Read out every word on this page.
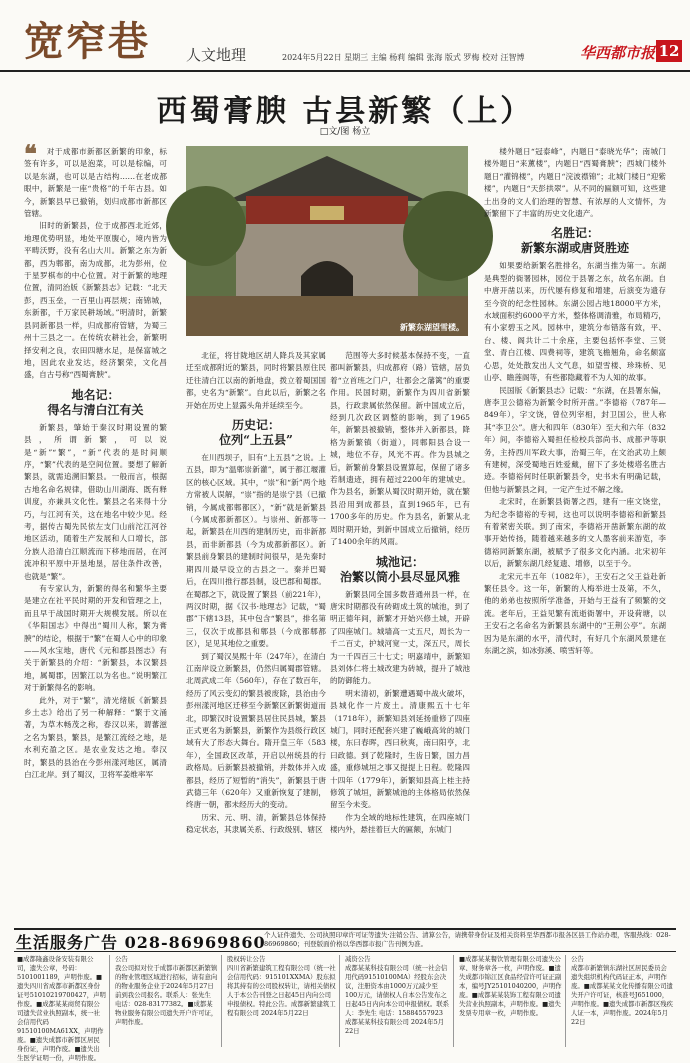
宽窄巷 人文地理	2024年5月22日 星期三 主编 杨莉 编辑 张海 版式 罗梅 校对 汪智博	华西都市报 12
西蜀膏腴 古县新繁（上）
□文/图 杨立
新繁东湖望雪楼。
❝	对于成都市新都区新繁的印象，标签有许多，可以是泡菜，可以是棕编，可以是东湖，也可以是古结构……在老成都眼中，新繁是一座“贵格”的千年古县。如今，新繁县早已撤销，划归成都市新都区管辖。

旧时的新繁县，位于成都西北近郊，地理优势明显，地处平原腹心，境内皆为平畴沃野，没有名山大川。新繁之东为新都，西为郫都，南为成都，北为彭州，位于星罗棋布的中心位置。对于新繁的地理位置，清同治版《新繁县志》记载：“北天彭，西玉垒，一百里山再层规；南锦城，东新都，千万家民耕场域。”明清时，新繁县同新都县一样，归成都府管辖，为蜀三州十三县之一。在传统农耕社会，新繁明择安利之良，农田四塘水足，是保富城之地，因此农业发达，经济繁荣，文化昌盛，自古号称“西蜀膏腴”。

地名记：
得名与清白江有关

新繁县，肇始于秦汉时期设置的繁县，所谓新繁，可以说是“新”“繁”，“新”代表的是时间顺序，“繁”代表的是空间位置。要想了解新繁县，就需追溯旧繁县。一般而言，根据古地名命名规律，借助山川湖海、既有释训度，亦兼具文化性。繁县之名来得十分巧，与江河有关，这在地名中较少见。经考，据传古蜀先民依左支门山前沱江河谷地区活动，随着生产发展和人口增长，部分族人沿清白江顺流而下移地而居，在河流冲积平原中开垦地垦，居住条件改善，也就是“繁”。

有专家认为，新繁的得名和繁华主要是建立在社平民时期的开发和管理之上，而且早于战国时期开大规模发展。所以在《华阳国志》中得出“蜀川人称，繁为膏腴”的结论，根据于“繁”在蜀人心中的印象——风水宝地，唐代《元和郡县图志》有关于新繁县的介绍：“新繁县，本汉繁县地，属蜀郡，因繁江以为名也。”说明繁江对于新繁得名的影响。

此外，对于“繁”，清光绪版《新繁县乡土志》给出了另一种解释：“繁于文涌著，为草木畅茂之称，春汉以来，谓蕃滋之名为繁县，繁县，是繁江流经之地，是水利充盈之区。是农业发达之地。奉汉时，繁县的县治在今彭州漾河地区，属清白江北岸。到了蜀汉，卫将军姜维率军

北征，将甘陇地区胡人降兵及其家属迁至成都附近的繁县，同时将繁县原住民迁往清白江以南的新地盘，拨立着蜀国国都，史名为“新繁”。自此以后，新繁之名开始在历史上显露头角并延续至今。

历史记：
位列“上五县”

在川西坝子，旧有“上五县”之说。上五县，即为“温郫崇新灌”，属于都江堰灌区的核心区域。其中，“崇”和“新”两个地方常被人误解，“崇”指的是崇宁县（已撤销，今属成都郫都区），“新”就是新繁县（今属成都新都区）。与崇州、新都等一起，新繁县在川西的建制历史，而非新都县，而非新都县（今为成都新都区）。新繁县前身繁县的建制时间很早，是先秦时期四川最早设立的古县之一。秦并巴蜀后，在四川推行郡县制，设巴郡和蜀郡。在蜀郡之下，就设置了繁县（前221年），两汉时期，据《汉书·地理志》记载，“蜀郡”下辖13县，其中包含“繁县”，排名第三，仅次于成都县和郫县（今成都郫都区），足见其地位之重要。

到了蜀汉昊熙十年（247年），在清白江南岸设立新繁县，仍然归属蜀郡管辖。北周武成二年（560年），存在了数百年，经历了风云变幻的繁县被废除，县治由今彭州漾河地区迁移至今新繁区新繁街道而北，即繁汉时设置繁县居住民县城，繁县正式更名为新繁县，新繁作为县级行政区域有大了形态大舞台。隋开皇三年（583年），全国政区改革，开启以州统县的行政格局。后新繁县被撤销，并数体并入成都县，经历了短暂的“消失”，新繁县于唐武德三年（620年）又重新恢复了建制，终唐一朝，都未经历大的变动。

历宋、元、明、清，新繁县总体保持稳定状态，其隶属关系、行政级别、辖区

范围等大多时候基本保持不变，一直都叫新繁县，归成都府（路）管辖，居负着“立首班之门户，壮都会之藩篱”的重要作用。民国时期，新繁作为四川省新繁县，行政隶属依然保留。新中国成立后，经到几次政区调整的影响，到了1965年，新繁县被撤销，整体并入新都县，降格为新繁镇（街道），同郫阳县合设一城，地位不存，风光不再。作为县城之后，新繁前身繁县设置算起，保留了诸多若制遗迹，拥有超过2200年的建城史。作为县名，新繁从蜀汉时期开始，就在繁县沿用到成都县，直到1965年，已有1700多年的历史。作为县名，新繁从北周时期开始，到新中国成立后撤销，经历了1400余年的风雨。

城池记：
治繁以筒小县尽显风雅

新繁县同全国多数普通州县一样，在唐宋时期都没有砖砌成土筑的城池，到了明正德年间，新繁才开始兴修土城，开辟了四座城门。城墙高一丈五尺，周长为一千二百丈，护城河宽一丈，深五尺，周长为一千四百三十七丈；明嘉靖中，新繁知县刘体仁将土城改建为砖城，提升了城池的防御能力。

明末清初，新繁遭遇蜀中战火破坏，县城化作一片废土。清康熙五十七年（1718年），新繁知县刘延扬重修了四座城门，同时还配套兴建了巍峨高耸的城门楼，东曰春晖，西曰秋爽，南曰阳亨，北曰政德。到了乾隆时，生齿日繁，国力昌盛，重修城垣之事又提提上日程。乾隆四十四年（1779年），新繁知县高上桂主持修筑了城垣，新繁城池的主体格局依然保留至今未变。

作为全域的地标性建筑，在四座城门楼内外，悬挂着巨大的匾额，东城门

楼外题日“冠泰峰”，内题日“泰晓光华”；南城门楼外题日“来薰楼”，内题日“西蜀膏腴”；西城门楼外题日“灌锦楼”，内题日“浣波襟锦”；北城门楼日“迎紫楼”，内题日“天彭拱翠”。从不同的匾额可知，这些建土出身的文人们治理的智慧、有浓厚的人文情怀，为新繁留下了丰富的历史文化遗产。

名胜记：
新繁东湖或唐贤胜迹

如果要给新繁名胜排名，东湖当推为第一。东湖是典型的衙署园林，园位于县署之东，故名东湖。自中唐开凿以来，历代屡有修复和增建，后演变为遗存至今资的纪念性园林。东湖公园占地18000平方米，水域面积约6000平方米，整体格调清雅，布局精巧，有小家碧玉之风。园林中，建筑分布错落有致，平、台、楼、阁共计二十余座，主要包括怀李堂、三贤堂、青白江楼、四费祠等，建筑飞檐翘角，命名颇富心思，处处散发出人文气息，如望雪楼、珍珠桥、见山亭、瞻莲阁等，有些都隐藏着不为人知的故事。

民国版《新繁县志》记载：“东湖，在县署东偏，唐李卫公德裕为新繁令时所开凿。”李德裕（787年—849年），字文饶，曾位列宰相，封卫国公，世人称其“李卫公”。唐大和四年（830年）至大和六年（832年）间，李德裕入蜀担任检校兵部尚书、成都尹等职务，主持西川军政大事，治蜀三年，在文治武功上颇有建树，深受蜀地百姓爱戴，留下了多处楼塔名胜古迹。李德裕何时任职新繁县令，史书未有明确记载，但他与新繁县之间，一定产生过不解之缘。

北宋时，在新繁县衙署之西，建有一座文饶堂，为纪念李德裕的专祠，这也可以说明李德裕和新繁县有着紧密关联。到了南宋，李德裕开凿新繁东湖的故事开始传扬，随着越来越多的文人墨客前来游览，李德裕同新繁东湖，被赋予了很多文化内涵。北宋初年以后，新繁东湖几经复遗、增修，以至于今。

北宋元丰五年（1082年），王安石之父王益赴新繁任县令。这一年，新繁的人梅举进士及第，不久，他的弟弟也按照所学准备，开始与王益有了频繁的交流。老年后，王益见繁有流逝衙署中，开设荷塘，以王安石之名命名为新繁县东湖中的“王荆公亭”。东湖因为是东湖的水平，清代时，有好几个东湖风景建在东湖之滨，如冰弥溪、喷雪轩等。

生活服务广告 028-86969860
个人证件遗失、公司执照印章许可证等遗失·注销公告、清算公告，请携带身份证及相关资料至华西都市报各区县工作站办理，客服热线：028-86969860；刊登版面价格以华西都市报广告刊例为准。
■成都隆鑫设备安装有限公司，遗失公章，号码：5101001189，声明作废。■遗失四川省成都市新都区身份证号51010219700427，声明作废。■成都某某商贸有限公司遗失营业执照副本，统一社会信用代码91510100MA61XX，声明作废。■遗失成都市新都区居民身份证，声明作废。■遗失出生医学证明一份，声明作废。
公告
我公司拟对位于成都市新都区新繁镇的物业管理区域进行招标，请有意向的物业服务企业于2024年5月27日前到我公司报名。联系人：张先生 电话：028-83177382。■成都某物业服务有限公司遗失开户许可证，声明作废。
股权转让公告
四川省新繁建筑工程有限公司（统一社会信用代码：915101XXMA）股东拟将其持有的公司股权转让，请相关债权人于本公告刊登之日起45日内向公司申报债权。特此公告。成都新繁建筑工程有限公司 2024年5月22日
减资公告
成都某某科技有限公司（统一社会信用代码91510100MA）经股东会决议，注册资本由1000万元减少至100万元，请债权人自本公告发布之日起45日内向本公司申报债权。联系人：李先生 电话：15884557923 成都某某科技有限公司 2024年5月22日
■成都某某餐饮管理有限公司遗失公章、财务章各一枚，声明作废。■遗失成都市锦江区食品经营许可证正副本，编号JY25101040200，声明作废。■成都某某装饰工程有限公司遗失营业执照副本，声明作废。■遗失发票专用章一枚，声明作废。
公告
成都市新繁镇东湖社区居民委员会遗失组织机构代码证正本，声明作废。■成都某某文化传播有限公司遗失开户许可证，核准号J651000，声明作废。■遗失成都市新都区残疾人证一本，声明作废。2024年5月22日
